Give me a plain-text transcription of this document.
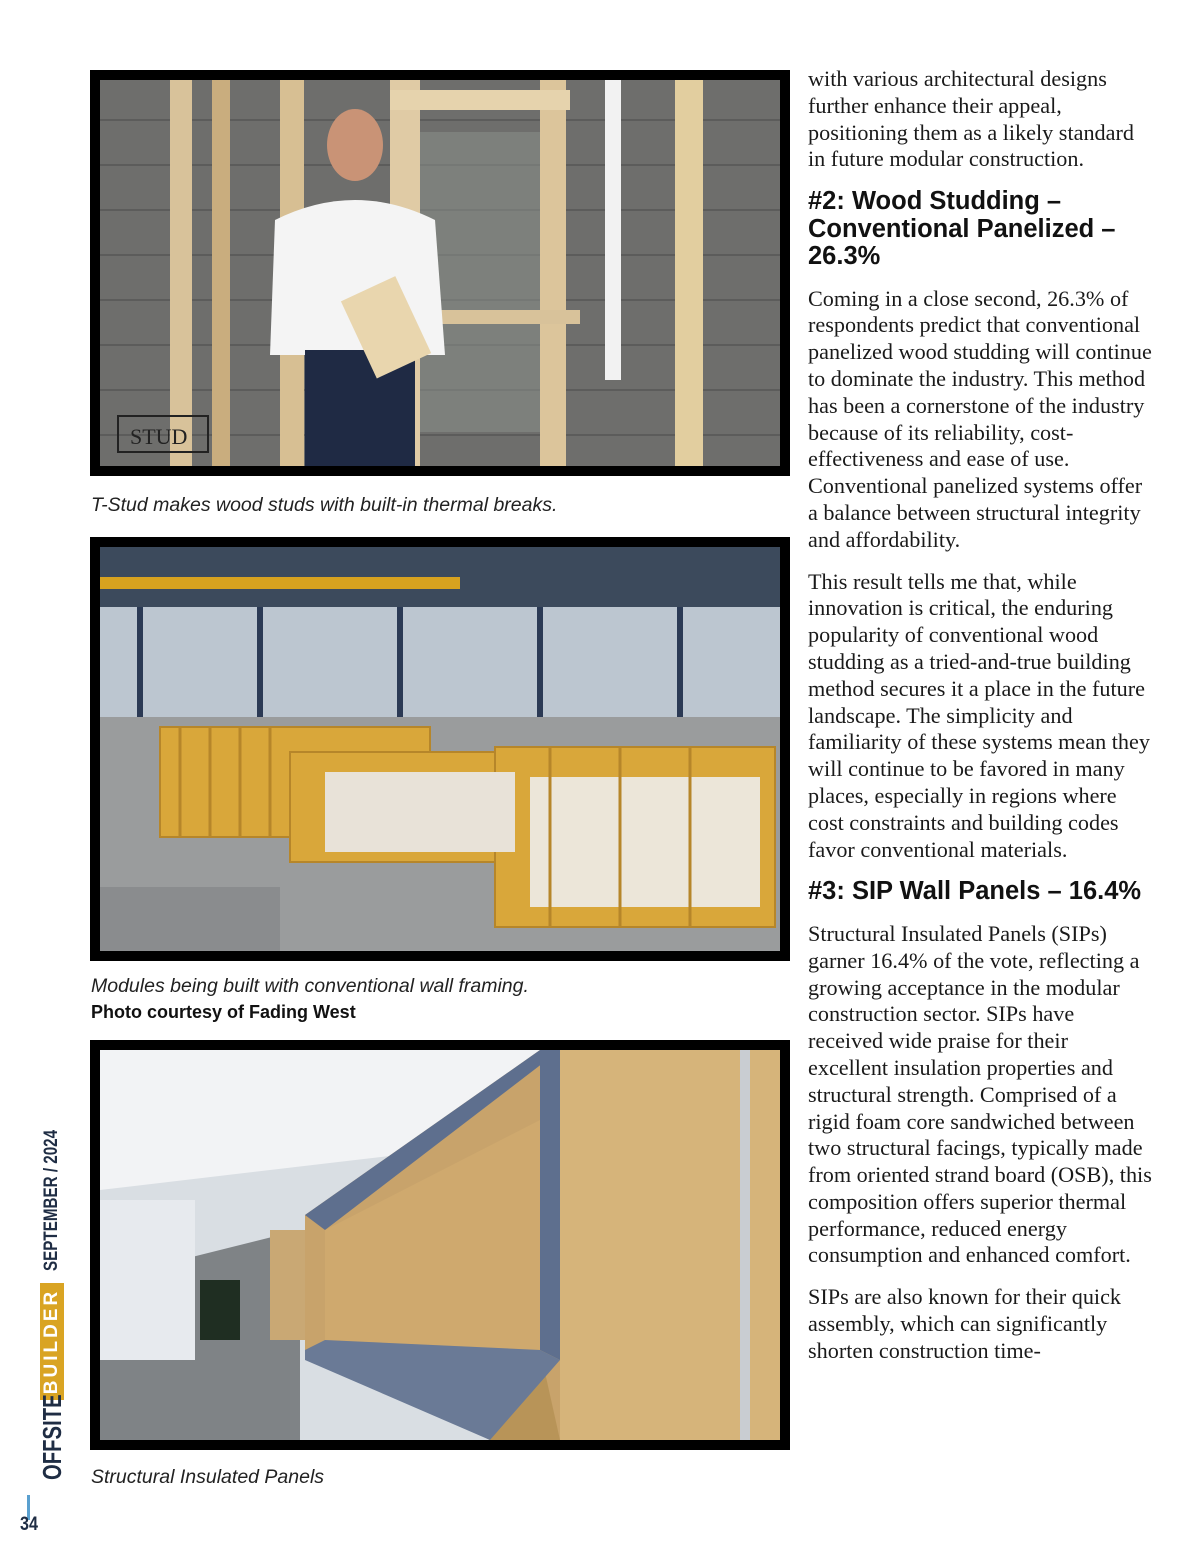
STUD
T-Stud makes wood studs with built-in thermal breaks.
Modules being built with conventional wall framing.
Photo courtesy of Fading West
Structural Insulated Panels

with various architectural designs further enhance their appeal, positioning them as a likely standard in future modular construction.

#2: Wood Studding – Conventional Panelized – 26.3%

Coming in a close second, 26.3% of respondents predict that conventional panelized wood studding will continue to dominate the industry. This method has been a cornerstone of the industry because of its reliability, cost-effectiveness and ease of use. Conventional panelized systems offer a balance between structural integrity and affordability.

This result tells me that, while innovation is critical, the enduring popularity of conventional wood studding as a tried-and-true building method secures it a place in the future landscape. The simplicity and familiarity of these systems mean they will continue to be favored in many places, especially in regions where cost constraints and building codes favor conventional materials.

#3: SIP Wall Panels – 16.4%

Structural Insulated Panels (SIPs) garner 16.4% of the vote, reflecting a growing acceptance in the modular construction sector. SIPs have received wide praise for their excellent insulation properties and structural strength. Comprised of a rigid foam core sandwiched between two structural facings, typically made from oriented strand board (OSB), this composition offers superior thermal performance, reduced energy consumption and enhanced comfort.

SIPs are also known for their quick assembly, which can significantly shorten construction time-

OFFSITE
BUILDER
SEPTEMBER / 2024
34
